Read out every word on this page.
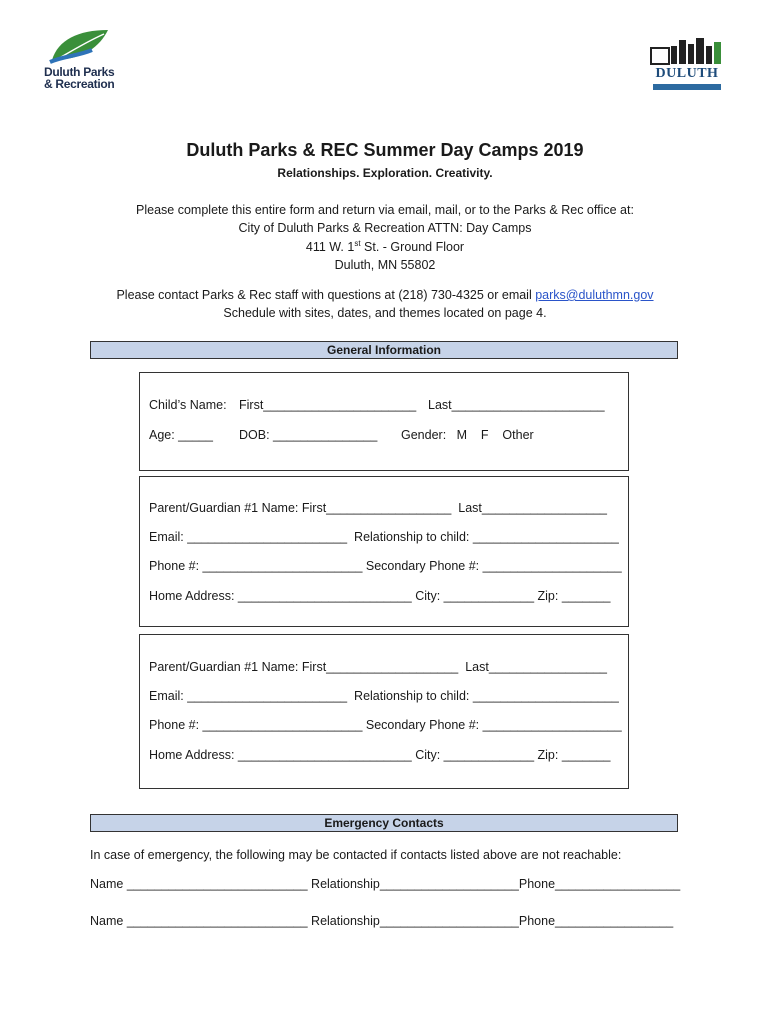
Duluth Parks
& Recreation
DULUTH
Duluth Parks & REC Summer Day Camps 2019
Relationships. Exploration. Creativity.
Please complete this entire form and return via email, mail, or to the Parks & Rec office at:
City of Duluth Parks & Recreation ATTN: Day Camps
411 W. 1st St. - Ground Floor
Duluth, MN 55802
Please contact Parks & Rec staff with questions at (218) 730-4325 or email parks@duluthmn.gov
Schedule with sites, dates, and themes located on page 4.
General Information
Child’s Name: First______________________ Last______________________
Age: _____ DOB: _______________ Gender:   M    F    Other
Parent/Guardian #1 Name: First__________________  Last__________________
Email: _______________________  Relationship to child: _____________________
Phone #: _______________________ Secondary Phone #: ____________________
Home Address: _________________________ City: _____________ Zip: _______
Parent/Guardian #1 Name: First___________________  Last_________________
Email: _______________________  Relationship to child: _____________________
Phone #: _______________________ Secondary Phone #: ____________________
Home Address: _________________________ City: _____________ Zip: _______
Emergency Contacts
In case of emergency, the following may be contacted if contacts listed above are not reachable:
Name __________________________ Relationship____________________Phone__________________
Name __________________________ Relationship____________________Phone_________________
